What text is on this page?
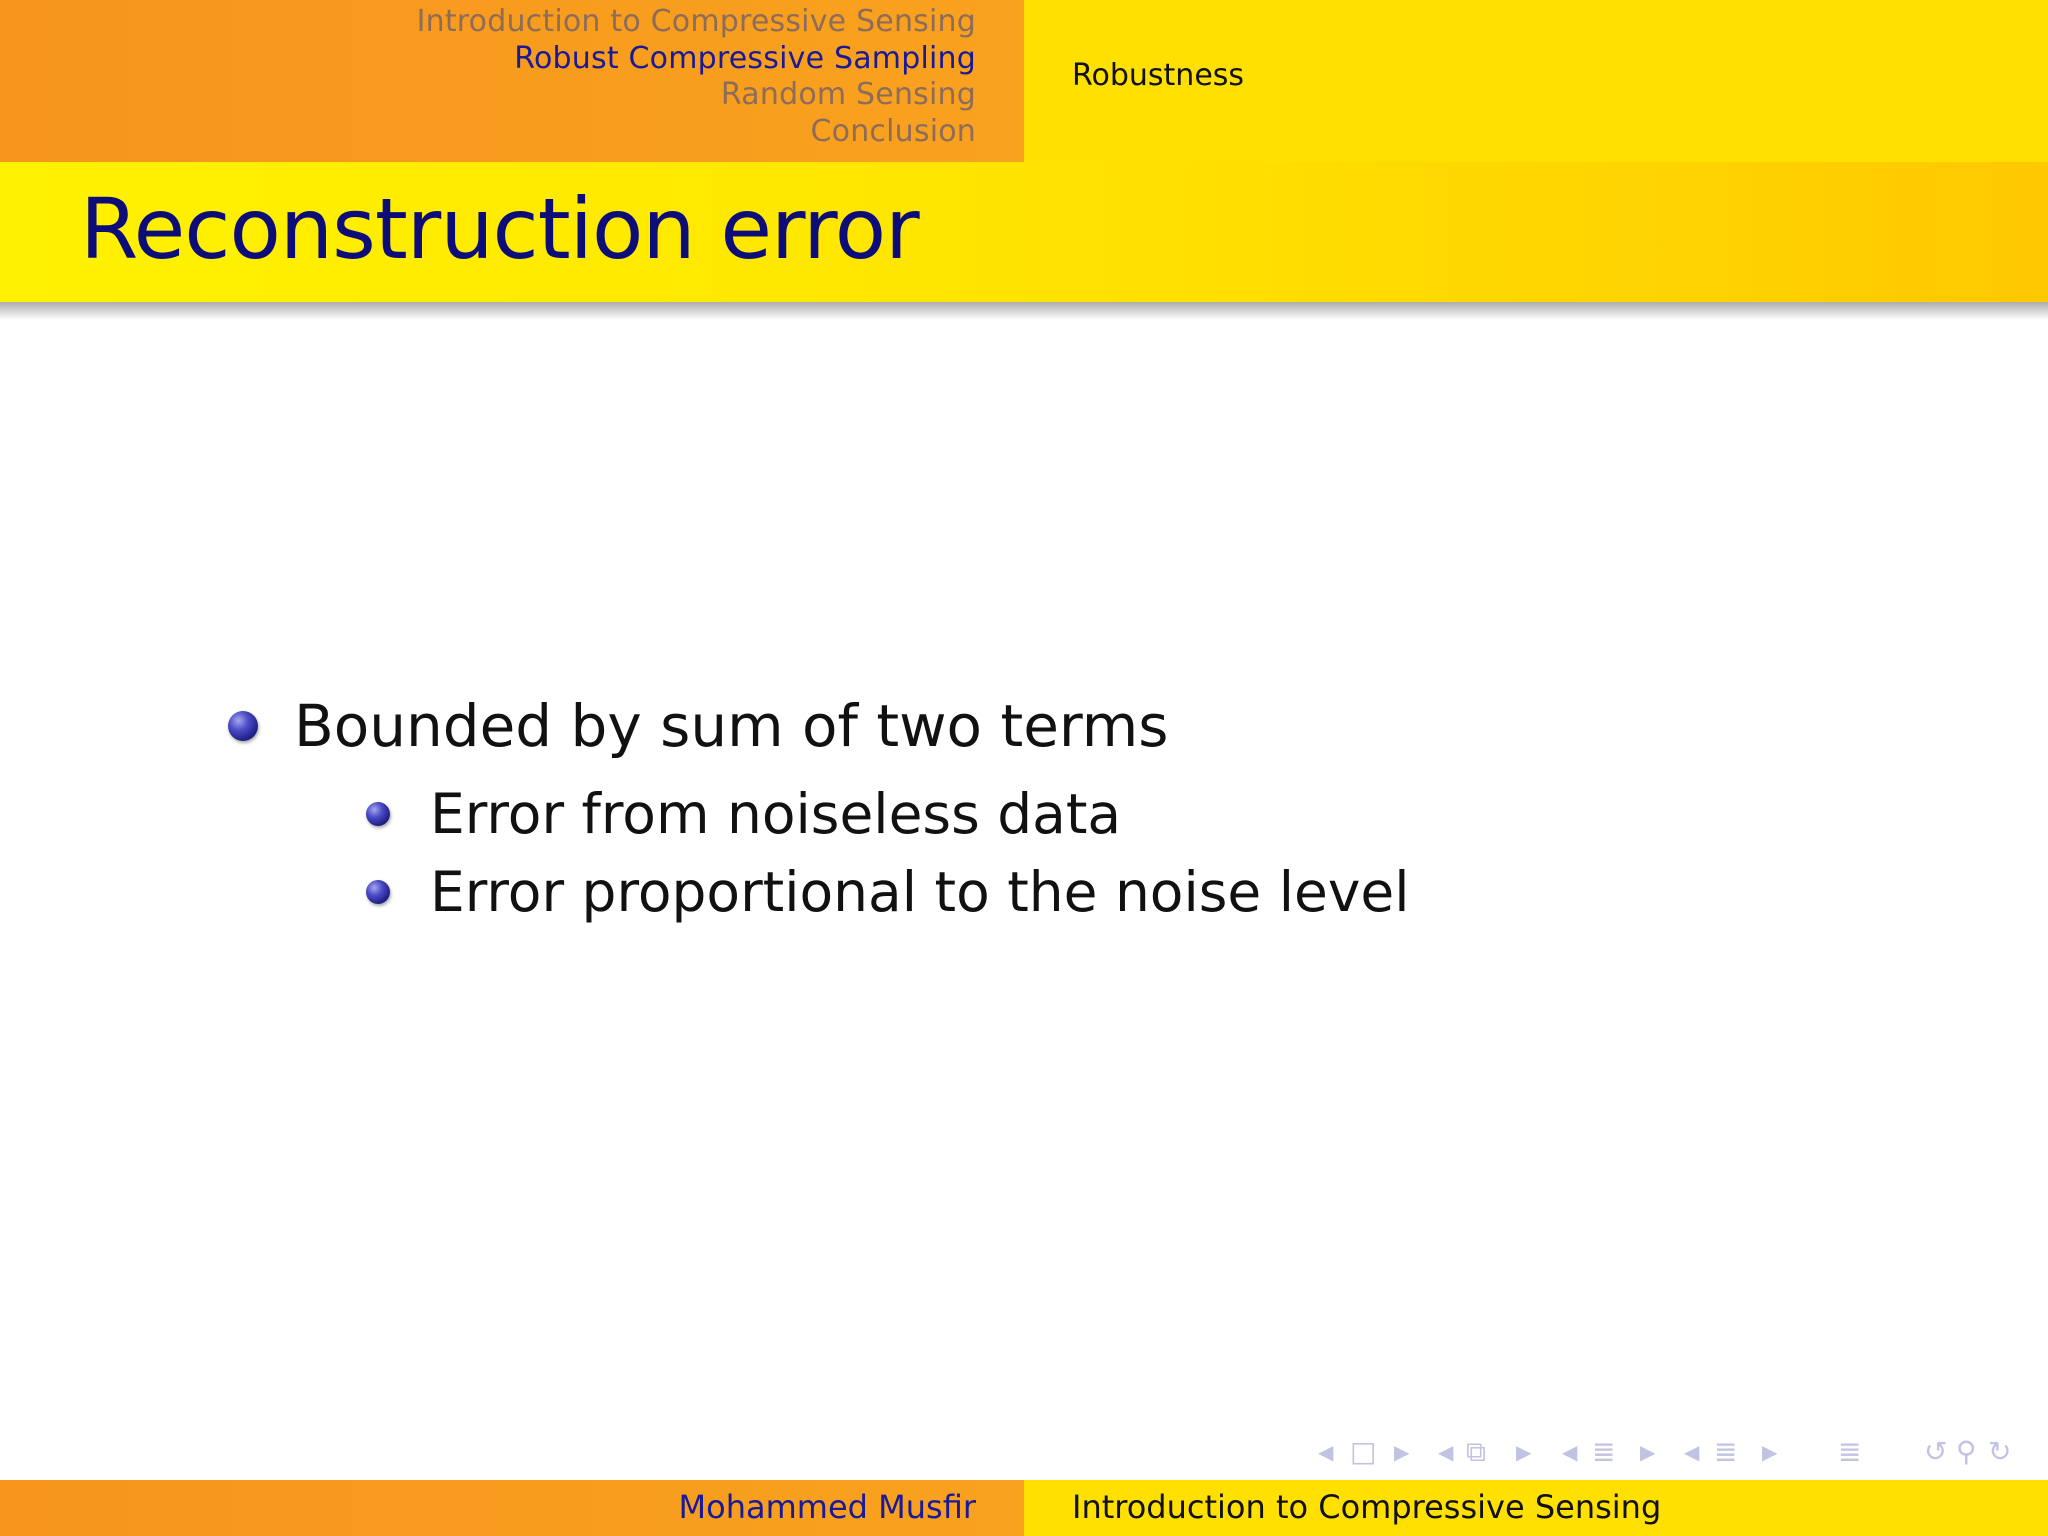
Introduction to Compressive Sensing
Robust Compressive Sampling
Random Sensing
Conclusion
Robustness
Reconstruction error
Bounded by sum of two terms
Error from noiseless data
Error proportional to the noise level
◀ □ ▶ ◀ ⧉ ▶ ◀ ≣ ▶ ◀ ≣ ▶ ≣ ↺ ⚲ ↻
Mohammed Musfir	Introduction to Compressive Sensing
